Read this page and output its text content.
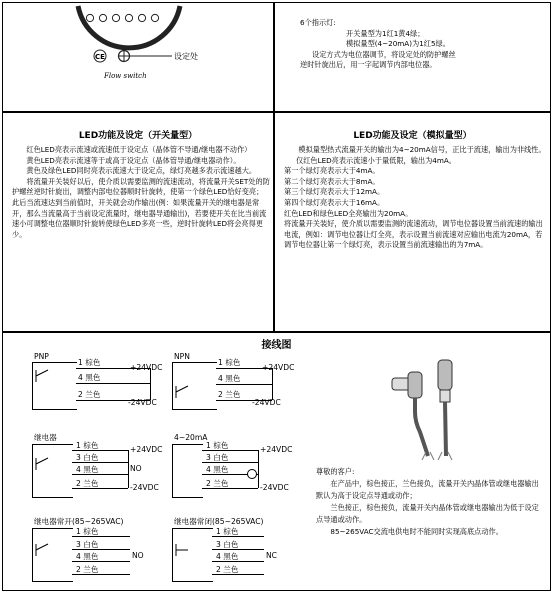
CE
Flow switch
设定处

6个指示灯:

开关量型为1红1黄4绿；

模拟量型(4~20mA)为1红5绿。

设定方式为电位器调节，将设定处的防护螺丝

逆时针旋出后，用一字起调节内部电位器。

LED功能及设定（开关量型）

红色LED亮表示流速或流速低于设定点（晶体管不导通/继电器不动作）

黄色LED亮表示流速等于或高于设定点（晶体管导通/继电器动作）。

黄色及绿色LED同时亮表示流速大于设定点，绿灯亮越多表示流速越大。

将流量开关装好以后，使介质以需要监测的流速流动，将流量开关SET处的防护螺丝逆时针旋出，调整内部电位器顺时针旋转，使第一个绿色LED恰好变亮；此后当流速达到当前值时，开关就会动作输出(例：如果流量开关的继电器是常开，那么当流量高于当前设定流量时，继电器导通输出)，若要使开关在比当前流速小可调整电位器顺时针旋转使绿色LED多亮一些，逆时针旋转LED将会亮得更少。

LED功能及设定（模拟量型）

模拟量型热式流量开关的输出为4~20mA信号，正比于流速，输出为非线性。

仅红色LED亮表示流速小于量低限，输出为4mA。

第一个绿灯亮表示大于4mA。

第二个绿灯亮表示大于8mA。

第三个绿灯亮表示大于12mA。

第四个绿灯亮表示大于16mA。

红色LED和绿色LED全亮输出为20mA。

将流量开关装好，使介质以需要监测的流速流动，调节电位器设置当前流速的输出电流，例如：调节电位器让灯全亮，表示设置当前流速对应输出电流为20mA，若调节电位器让第一个绿灯亮，表示设置当前流速输出的为7mA。

接线图
PNP
1 棕色
4 黑色
2 兰色
+24VDC
-24VDC
NPN
1 棕色
4 黑色
2 兰色
+24VDC
-24VDC
继电器
1 棕色
3 白色
4 黑色
2 兰色
+24VDC
NO
-24VDC
4~20mA
1 棕色
3 白色
4 黑色
2 兰色
+24VDC
-24VDC
继电器常开(85~265VAC)
1 棕色
3 白色
4 黑色
2 兰色
NO
继电器常闭(85~265VAC)
1 棕色
3 白色
4 黑色
2 兰色
NC

尊敬的客户:

在产品中，棕色接正，兰色接负，流量开关内晶体管或继电器输出默认为高于设定点导通或动作；

兰色接正，棕色接负，流量开关内晶体管或继电器输出为低于设定点导通或动作。

85~265VAC交流电供电时不能同时实现高底点动作。
